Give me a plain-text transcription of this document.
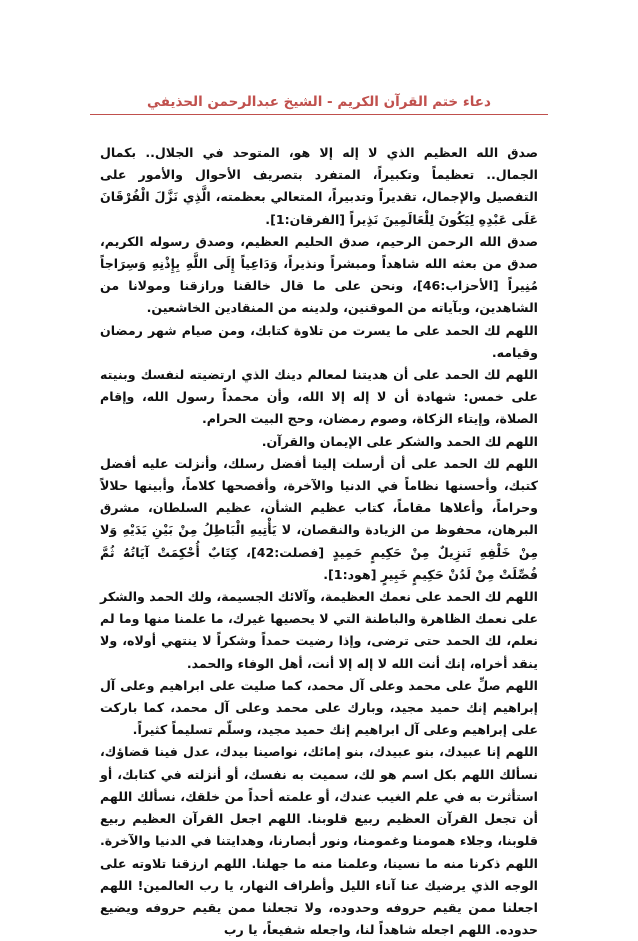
دعاء ختم القرآن الكريم - الشيخ عبدالرحمن الحذيفي

صدق الله العظيم الذي لا إله إلا هو، المتوحد في الجلال.. بكمال الجمال.. تعظيماً وتكبيراً، المتفرد بتصريف الأحوال والأمور على التفصيل والإجمال، تقديراً وتدبيراً، المتعالي بعظمته، الَّذِي نَزَّلَ الْفُرْقَانَ عَلَى عَبْدِهِ لِيَكُونَ لِلْعَالَمِينَ نَذِيراً [الفرقان:1].

صدق الله الرحمن الرحيم، صدق الحليم العظيم، وصدق رسوله الكريم، صدق من بعثه الله شاهداً ومبشراً ونذيراً، وَدَاعِياً إِلَى اللَّهِ بِإِذْنِهِ وَسِرَاجاً مُنِيراً [الأحزاب:46]، ونحن على ما قال خالقنا ورازقنا ومولانا من الشاهدين، وبآياته من الموقنين، ولدينه من المنقادين الخاشعين.

اللهم لك الحمد على ما يسرت من تلاوة كتابك، ومن صيام شهر رمضان وقيامه.

اللهم لك الحمد على أن هديتنا لمعالم دينك الذي ارتضيته لنفسك وبنيته على خمس: شهادة أن لا إله إلا الله، وأن محمداً رسول الله، وإقام الصلاة، وإيتاء الزكاة، وصوم رمضان، وحج البيت الحرام.

اللهم لك الحمد والشكر على الإيمان والقرآن.

اللهم لك الحمد على أن أرسلت إلينا أفضل رسلك، وأنزلت عليه أفضل كتبك، وأحسنها نظاماً في الدنيا والآخرة، وأفصحها كلاماً، وأبينها حلالاً وحراماً، وأعلاها مقاماً، كتاب عظيم الشأن، عظيم السلطان، مشرق البرهان، محفوظ من الزيادة والنقصان، لا يَأْتِيهِ الْبَاطِلُ مِنْ بَيْنِ يَدَيْهِ وَلا مِنْ خَلْفِهِ تَنزِيلٌ مِنْ حَكِيمٍ حَمِيدٍ [فصلت:42]، كِتَابٌ أُحْكِمَتْ آيَاتُهُ ثُمَّ فُصِّلَتْ مِنْ لَدُنْ حَكِيمٍ خَبِيرٍ [هود:1].

اللهم لك الحمد على نعمك العظيمة، وآلائك الجسيمة، ولك الحمد والشكر على نعمك الظاهرة والباطنة التي لا يحصيها غيرك، ما علمنا منها وما لم نعلم، لك الحمد حتى ترضى، وإذا رضيت حمداً وشكراً لا ينتهي أولاه، ولا ينقد أخراه، إنك أنت الله لا إله إلا أنت، أهل الوفاء والحمد.

اللهم صلِّ على محمد وعلى آل محمد، كما صليت على ابراهيم وعلى آل إبراهيم إنك حميد مجيد، وبارك على محمد وعلى آل محمد، كما باركت على إبراهيم وعلى آل ابراهيم إنك حميد مجيد، وسلّم تسليماً كثيراً.

اللهم إنا عبيدك، بنو عبيدك، بنو إمائك، نواصينا بيدك، عدل فينا قضاؤك، نسألك اللهم بكل اسم هو لك، سميت به نفسك، أو أنزلته في كتابك، أو استأثرت به في علم الغيب عندك، أو علمته أحداً من خلقك، نسألك اللهم أن تجعل القرآن العظيم ربيع قلوبنا. اللهم اجعل القرآن العظيم ربيع قلوبنا، وجلاء همومنا وغمومنا، ونور أبصارنا، وهدايتنا في الدنيا والآخرة. اللهم ذكرنا منه ما نسينا، وعلمنا منه ما جهلنا. اللهم ارزقنا تلاوته على الوجه الذي يرضيك عنا آناء الليل وأطراف النهار، يا رب العالمين! اللهم اجعلنا ممن يقيم حروفه وحدوده، ولا تجعلنا ممن يقيم حروفه ويضيع حدوده. اللهم اجعله شاهداً لنا، واجعله شفيعاً، يا رب
